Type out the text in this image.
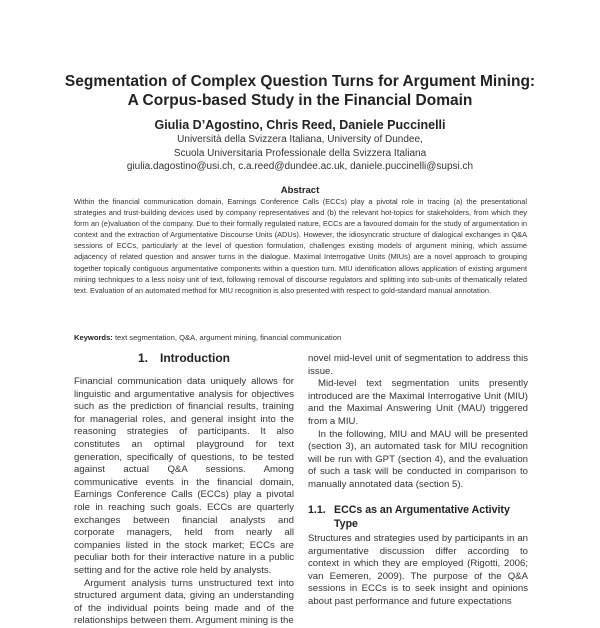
Segmentation of Complex Question Turns for Argument Mining:
A Corpus-based Study in the Financial Domain
Giulia D’Agostino, Chris Reed, Daniele Puccinelli
Università della Svizzera Italiana, University of Dundee,
Scuola Universitaria Professionale della Svizzera Italiana
giulia.dagostino@usi.ch, c.a.reed@dundee.ac.uk, daniele.puccinelli@supsi.ch
Abstract

Within the financial communication domain, Earnings Conference Calls (ECCs) play a pivotal role in tracing (a) the presentational strategies and trust-building devices used by company representatives and (b) the relevant hot-topics for stakeholders, from which they form an (e)valuation of the company. Due to their formally regulated nature, ECCs are a favoured domain for the study of argumentation in context and the extraction of Argumentative Discourse Units (ADUs). However, the idiosyncratic structure of dialogical exchanges in Q&A sessions of ECCs, particularly at the level of question formulation, challenges existing models of argument mining, which assume adjacency of related question and answer turns in the dialogue. Maximal Interrogative Units (MIUs) are a novel approach to grouping together topically contiguous argumentative components within a question turn. MIU identification allows application of existing argument mining techniques to a less noisy unit of text, following removal of discourse regulators and splitting into sub-units of thematically related text. Evaluation of an automated method for MIU recognition is also presented with respect to gold-standard manual annotation.

Keywords: text segmentation, Q&A, argument mining, financial communication
1. Introduction

Financial communication data uniquely allows for linguistic and argumentative analysis for objectives such as the prediction of financial results, training for managerial roles, and general insight into the reasoning strategies of participants. It also constitutes an optimal playground for text generation, specifically of questions, to be tested against actual Q&A sessions. Among communicative events in the financial domain, Earnings Conference Calls (ECCs) play a pivotal role in reaching such goals. ECCs are quarterly exchanges between financial analysts and corporate managers, held from nearly all companies listed in the stock market; ECCs are peculiar both for their interactive nature in a public setting and for the active role held by analysts.

Argument analysis turns unstructured text into structured argument data, giving an understanding of the individual points being made and of the relationships between them. Argument mining is the

novel mid-level unit of segmentation to address this issue.

Mid-level text segmentation units presently introduced are the Maximal Interrogative Unit (MIU) and the Maximal Answering Unit (MAU) triggered from a MIU.

In the following, MIU and MAU will be presented (section 3), an automated task for MIU recognition will be run with GPT (section 4), and the evaluation of such a task will be conducted in comparison to manually annotated data (section 5).

1.1. ECCs as an Argumentative Activity Type

Structures and strategies used by participants in an argumentative discussion differ according to context in which they are employed (Rigotti, 2006; van Eemeren, 2009). The purpose of the Q&A sessions in ECCs is to seek insight and opinions about past performance and future expectations
